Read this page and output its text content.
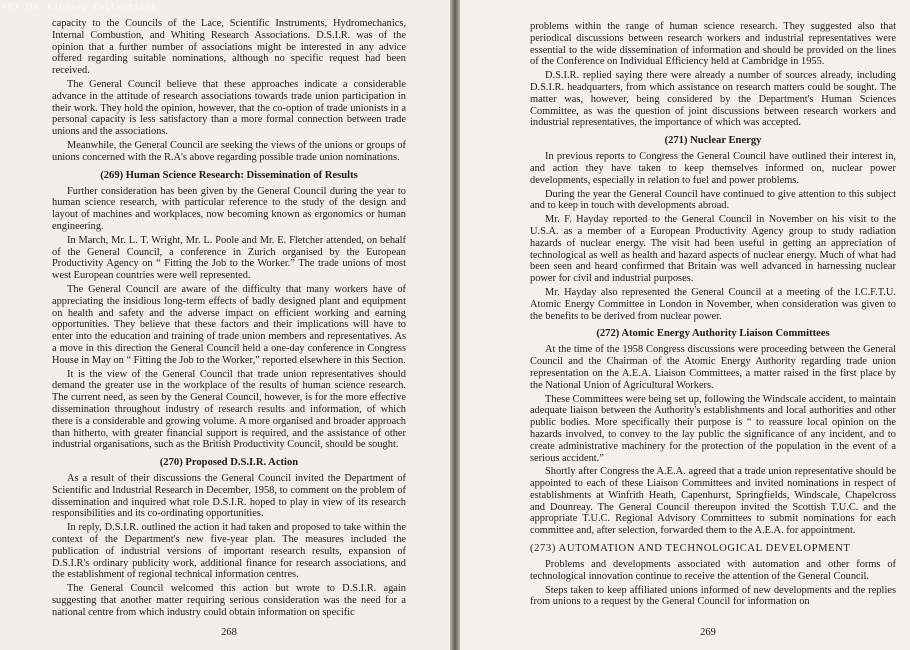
(C) TUC Library Collections

capacity to the Councils of the Lace, Scientific Instruments, Hydromechanics, Internal Combustion, and Whiting Research Associations. D.S.I.R. was of the opinion that a further number of associations might be interested in any advice offered regarding suitable nominations, although no specific request had been received.

The General Council believe that these approaches indicate a considerable advance in the attitude of research associations towards trade union participation in their work. They hold the opinion, however, that the co-option of trade unionists in a personal capacity is less satisfactory than a more formal connection between trade unions and the associations.

Meanwhile, the General Council are seeking the views of the unions or groups of unions concerned with the R.A's above regarding possible trade union nominations.

(269) Human Science Research: Dissemination of Results

Further consideration has been given by the General Council during the year to human science research, with particular reference to the study of the design and layout of machines and workplaces, now becoming known as ergonomics or human engineering.

In March, Mr. L. T. Wright, Mr. L. Poole and Mr. E. Fletcher attended, on behalf of the General Council, a conference in Zurich organised by the European Productivity Agency on “ Fitting the Job to the Worker.” The trade unions of most west European countries were well represented.

The General Council are aware of the difficulty that many workers have of appreciating the insidious long-term effects of badly designed plant and equipment on health and safety and the adverse impact on efficient working and earning opportunities. They believe that these factors and their implications will have to enter into the education and training of trade union members and representatives. As a move in this direction the General Council held a one-day conference in Congress House in May on “ Fitting the Job to the Worker,” reported elsewhere in this Section.

It is the view of the General Council that trade union representatives should demand the greater use in the workplace of the results of human science research. The current need, as seen by the General Council, however, is for the more effective dissemination throughout industry of research results and information, of which there is a considerable and growing volume. A more organised and broader approach than hitherto, with greater financial support is required, and the assistance of other industrial organisations, such as the British Productivity Council, should be sought.

(270) Proposed D.S.I.R. Action

As a result of their discussions the General Council invited the Department of Scientific and Industrial Research in December, 1958, to comment on the problem of dissemination and inquired what role D.S.I.R. hoped to play in view of its research responsibilities and its co-ordinating opportunities.

In reply, D.S.I.R. outlined the action it had taken and proposed to take within the context of the Department's new five-year plan. The measures included the publication of industrial versions of important research results, expansion of D.S.I.R's ordinary publicity work, additional finance for research associations, and the establishment of regional technical information centres.

The General Council welcomed this action but wrote to D.S.I.R. again suggesting that another matter requiring serious consideration was the need for a national centre from which industry could obtain information on specific

268

problems within the range of human science research. They suggested also that periodical discussions between research workers and industrial representatives were essential to the wide dissemination of information and should be provided on the lines of the Conference on Individual Efficiency held at Cambridge in 1955.

D.S.I.R. replied saying there were already a number of sources already, including D.S.I.R. headquarters, from which assistance on research matters could be sought. The matter was, however, being considered by the Department's Human Sciences Committee, as was the question of joint discussions between research workers and industrial representatives, the importance of which was accepted.

(271) Nuclear Energy

In previous reports to Congress the General Council have outlined their interest in, and action they have taken to keep themselves informed on, nuclear power developments, especially in relation to fuel and power problems.

During the year the General Council have continued to give attention to this subject and to keep in touch with developments abroad.

Mr. F. Hayday reported to the General Council in November on his visit to the U.S.A. as a member of a European Productivity Agency group to study radiation hazards of nuclear energy. The visit had been useful in getting an appreciation of technological as well as health and hazard aspects of nuclear energy. Much of what had been seen and heard confirmed that Britain was well advanced in harnessing nuclear power for civil and industrial purposes.

Mr. Hayday also represented the General Council at a meeting of the I.C.F.T.U. Atomic Energy Committee in London in November, when consideration was given to the benefits to be derived from nuclear power.

(272) Atomic Energy Authority Liaison Committees

At the time of the 1958 Congress discussions were proceeding between the General Council and the Chairman of the Atomic Energy Authority regarding trade union representation on the A.E.A. Liaison Committees, a matter raised in the first place by the National Union of Agricultural Workers.

These Committees were being set up, following the Windscale accident, to maintain adequate liaison between the Authority's establishments and local authorities and other public bodies. More specifically their purpose is “ to reassure local opinion on the hazards involved, to convey to the lay public the significance of any incident, and to create administrative machinery for the protection of the population in the event of a serious accident.”

Shortly after Congress the A.E.A. agreed that a trade union representative should be appointed to each of these Liaison Committees and invited nominations in respect of establishments at Winfrith Heath, Capenhurst, Springfields, Windscale, Chapelcross and Dounreay. The General Council thereupon invited the Scottish T.U.C. and the appropriate T.U.C. Regional Advisory Committees to submit nominations for each committee and, after selection, forwarded them to the A.E.A. for appointment.

(273) AUTOMATION AND TECHNOLOGICAL DEVELOPMENT

Problems and developments associated with automation and other forms of technological innovation continue to receive the attention of the General Council.

Steps taken to keep affiliated unions informed of new developments and the replies from unions to a request by the General Council for information on

269
